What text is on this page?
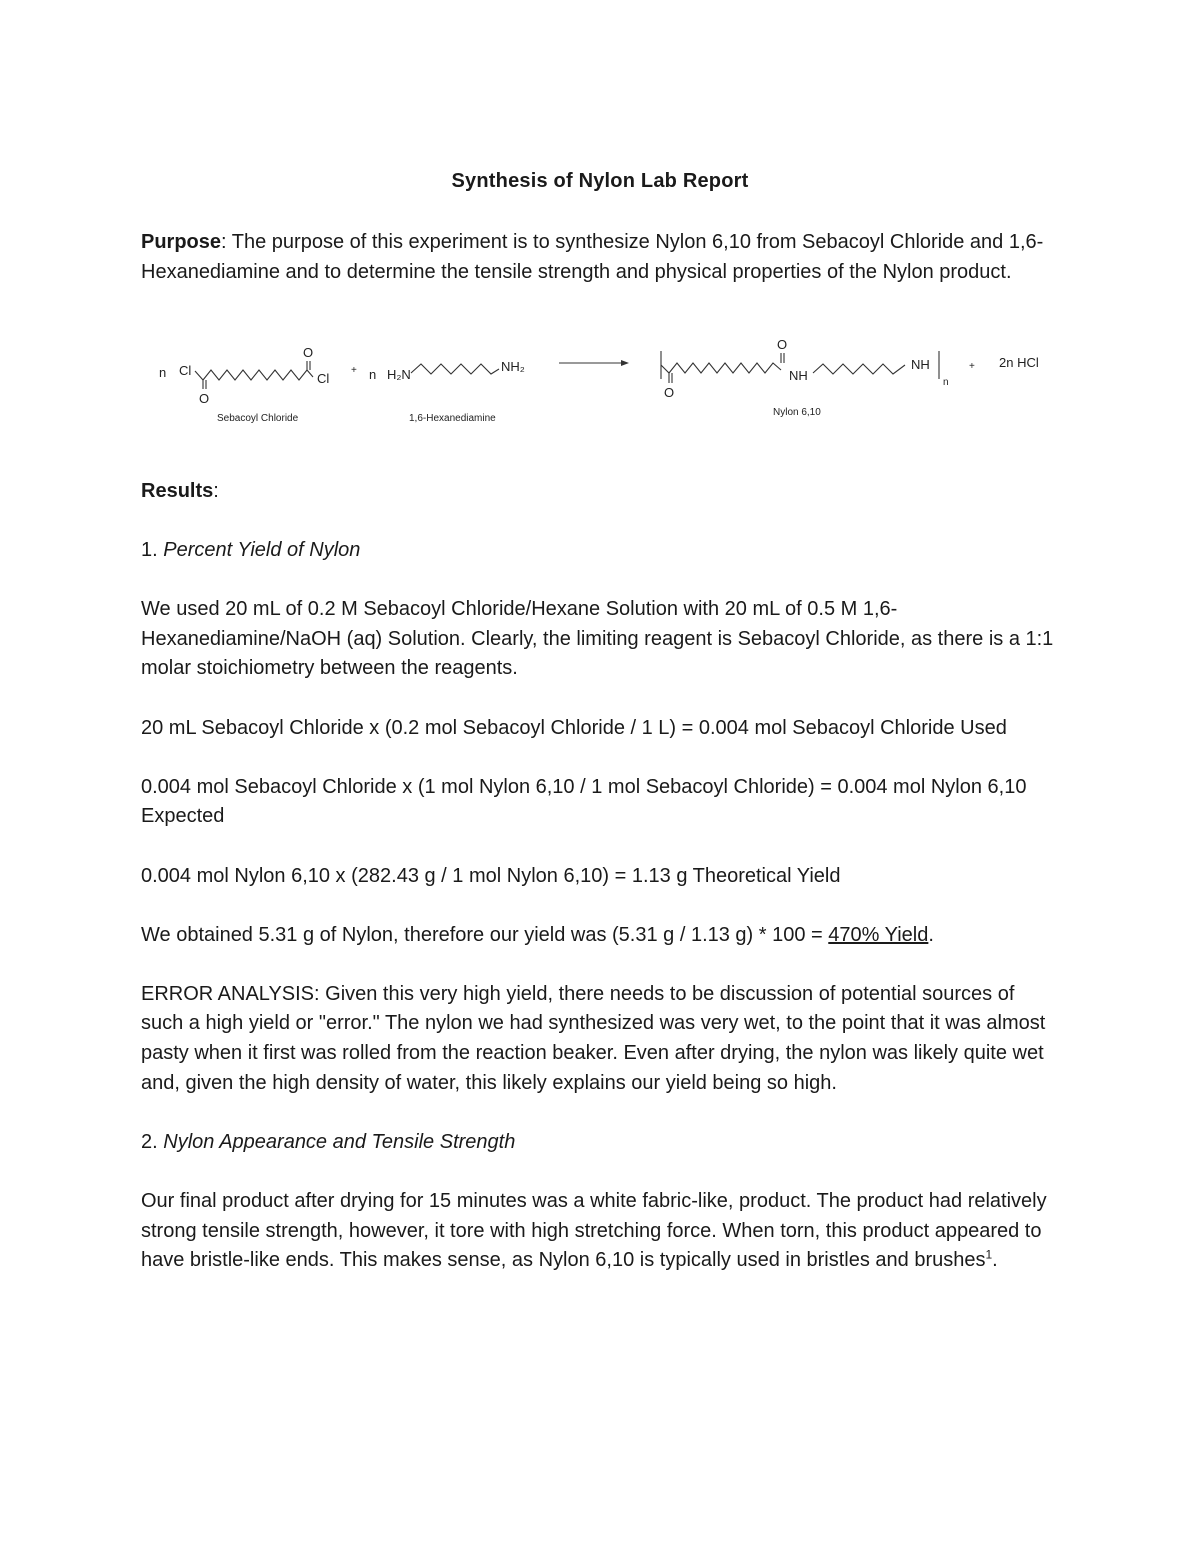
Synthesis of Nylon Lab Report

Purpose: The purpose of this experiment is to synthesize Nylon 6,10 from Sebacoyl Chloride and 1,6-Hexanediamine and to determine the tensile strength and physical properties of the Nylon product.

n Cl
O
O
Cl
Sebacoyl Chloride
+ n H₂N
NH₂
1,6-Hexanediamine
O
O
NH
NH
n
Nylon 6,10
+ 2n HCl

Results:

1. Percent Yield of Nylon

We used 20 mL of 0.2 M Sebacoyl Chloride/Hexane Solution with 20 mL of 0.5 M 1,6-Hexanediamine/NaOH (aq) Solution. Clearly, the limiting reagent is Sebacoyl Chloride, as there is a 1:1 molar stoichiometry between the reagents.

20 mL Sebacoyl Chloride x (0.2 mol Sebacoyl Chloride / 1 L) = 0.004 mol Sebacoyl Chloride Used

0.004 mol Sebacoyl Chloride x (1 mol Nylon 6,10 / 1 mol Sebacoyl Chloride) = 0.004 mol Nylon 6,10 Expected

0.004 mol Nylon 6,10 x (282.43 g / 1 mol Nylon 6,10) = 1.13 g Theoretical Yield

We obtained 5.31 g of Nylon, therefore our yield was (5.31 g / 1.13 g) * 100 = 470% Yield.

ERROR ANALYSIS: Given this very high yield, there needs to be discussion of potential sources of such a high yield or "error." The nylon we had synthesized was very wet, to the point that it was almost pasty when it first was rolled from the reaction beaker. Even after drying, the nylon was likely quite wet and, given the high density of water, this likely explains our yield being so high.

2. Nylon Appearance and Tensile Strength

Our final product after drying for 15 minutes was a white fabric-like, product. The product had relatively strong tensile strength, however, it tore with high stretching force. When torn, this product appeared to have bristle-like ends. This makes sense, as Nylon 6,10 is typically used in bristles and brushes$^1$.
